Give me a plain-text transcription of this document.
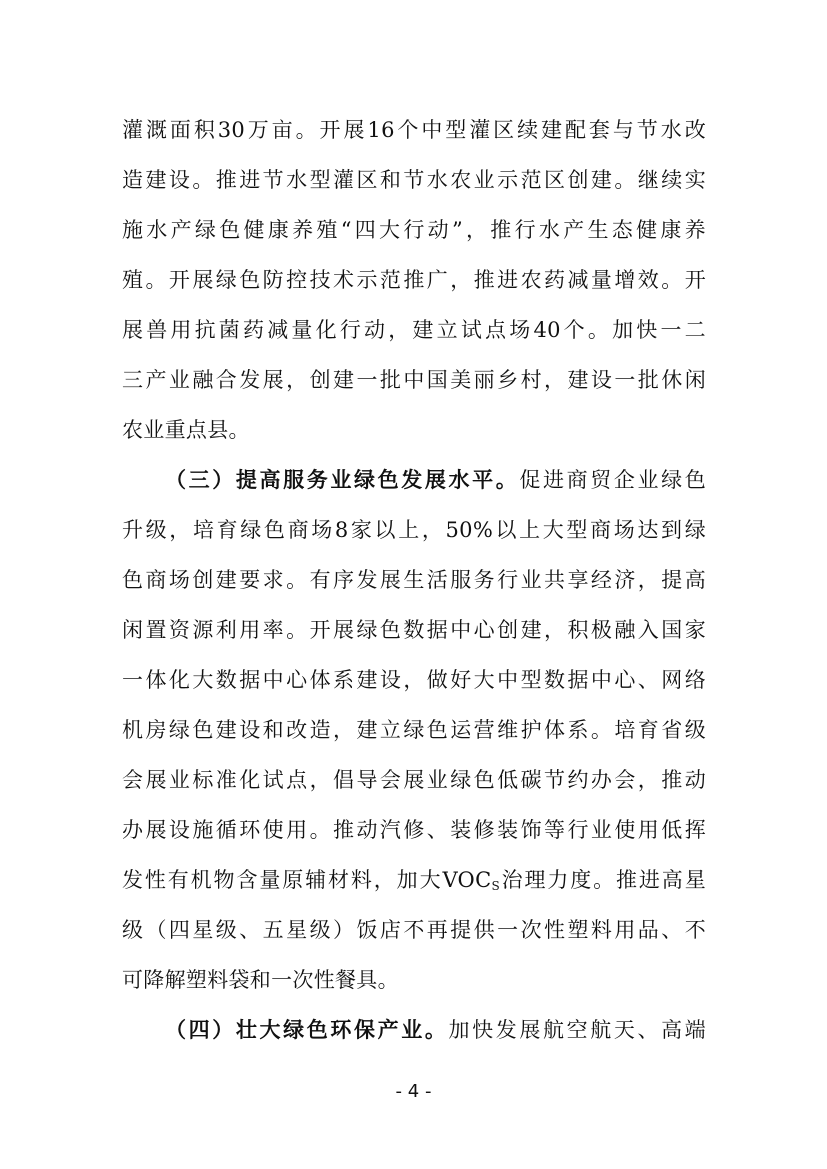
灌溉面积30万亩。开展16个中型灌区续建配套与节水改
造建设。推进节水型灌区和节水农业示范区创建。继续实
施水产绿色健康养殖“四大行动”，推行水产生态健康养
殖。开展绿色防控技术示范推广，推进农药减量增效。开
展兽用抗菌药减量化行动，建立试点场40个。加快一二
三产业融合发展，创建一批中国美丽乡村，建设一批休闲
农业重点县。
（三）提高服务业绿色发展水平。促进商贸企业绿色
升级，培育绿色商场8家以上，50%以上大型商场达到绿
色商场创建要求。有序发展生活服务行业共享经济，提高
闲置资源利用率。开展绿色数据中心创建，积极融入国家
一体化大数据中心体系建设，做好大中型数据中心、网络
机房绿色建设和改造，建立绿色运营维护体系。培育省级
会展业标准化试点，倡导会展业绿色低碳节约办会，推动
办展设施循环使用。推动汽修、装修装饰等行业使用低挥
发性有机物含量原辅材料，加大$VOC_S$治理力度。推进高星
级（四星级、五星级）饭店不再提供一次性塑料用品、不
可降解塑料袋和一次性餐具。
（四）壮大绿色环保产业。加快发展航空航天、高端
- 4 -
